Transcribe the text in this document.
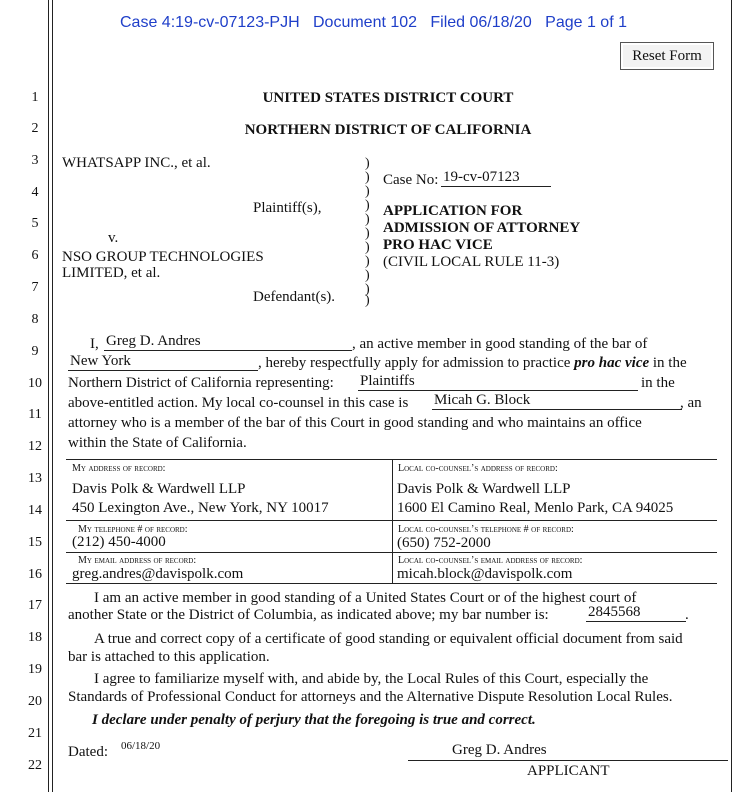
Case 4:19-cv-07123-PJH Document 102 Filed 06/18/20 Page 1 of 1
Reset Form
1
2
3
4
5
6
7
8
9
10
11
12
13
14
15
16
17
18
19
20
21
22
UNITED STATES DISTRICT COURT
NORTHERN DISTRICT OF CALIFORNIA
WHATSAPP INC., et al.
Plaintiff(s),
v.
NSO GROUP TECHNOLOGIES
LIMITED, et al.
Defendant(s).
)
)
)
)
)
)
)
)
)
)
)
Case No: 19-cv-07123
APPLICATION FOR
ADMISSION OF ATTORNEY
PRO HAC VICE
(CIVIL LOCAL RULE 11-3)
I, Greg D. Andres	, an active member in good standing of the bar of
New York	, hereby respectfully apply for admission to practice pro hac vice in the
Northern District of California representing: Plaintiffs	in the
above-entitled action. My local co-counsel in this case is Micah G. Block	, an
attorney who is a member of the bar of this Court in good standing and who maintains an office
within the State of California.
My address of record:
Davis Polk & Wardwell LLP
450 Lexington Ave., New York, NY 10017
Local co-counsel’s address of record:
Davis Polk & Wardwell LLP
1600 El Camino Real, Menlo Park, CA 94025
My telephone # of record:
(212) 450-4000
Local co-counsel’s telephone # of record:
(650) 752-2000
My email address of record:
greg.andres@davispolk.com
Local co-counsel’s email address of record:
micah.block@davispolk.com
I am an active member in good standing of a United States Court or of the highest court of
another State or the District of Columbia, as indicated above; my bar number is:	2845568	.
A true and correct copy of a certificate of good standing or equivalent official document from said
bar is attached to this application.
I agree to familiarize myself with, and abide by, the Local Rules of this Court, especially the
Standards of Professional Conduct for attorneys and the Alternative Dispute Resolution Local Rules.
I declare under penalty of perjury that the foregoing is true and correct.
Dated: 06/18/20	Greg D. Andres
APPLICANT
